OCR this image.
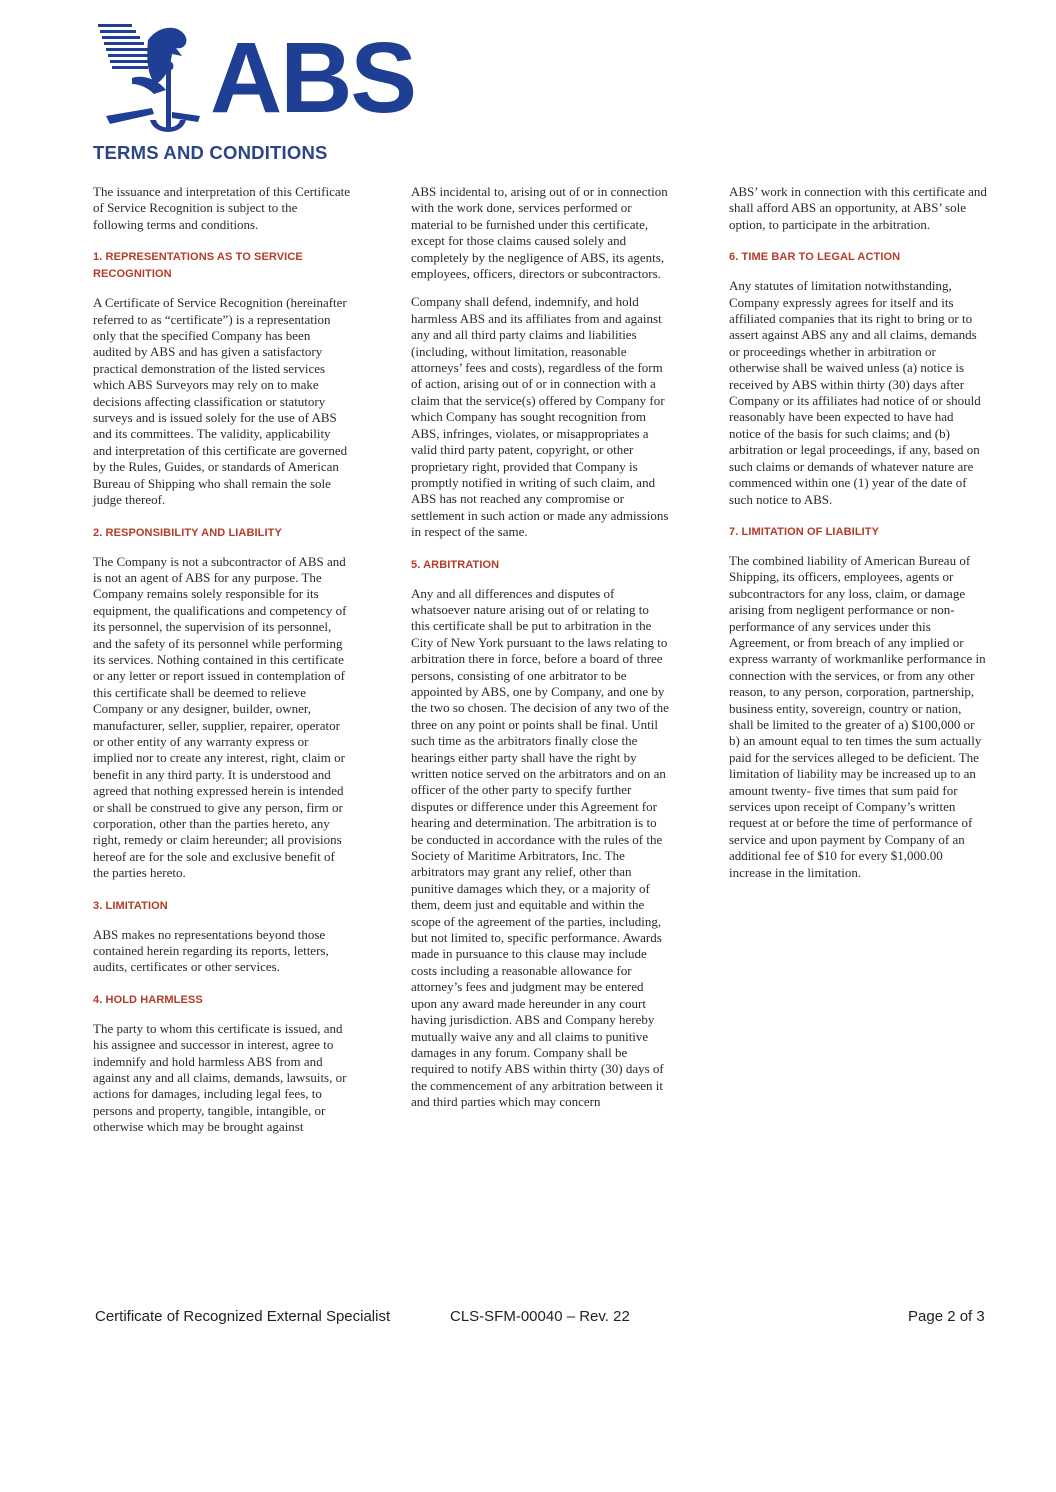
ABS
TERMS AND CONDITIONS

The issuance and interpretation of this Certificate of Service Recognition is subject to the following terms and conditions.

1. REPRESENTATIONS AS TO SERVICE RECOGNITION

A Certificate of Service Recognition (hereinafter referred to as “certificate”) is a representation only that the specified Company has been audited by ABS and has given a satisfactory practical demonstration of the listed services which ABS Surveyors may rely on to make decisions affecting classification or statutory surveys and is issued solely for the use of ABS and its committees. The validity, applicability and interpretation of this certificate are governed by the Rules, Guides, or standards of American Bureau of Shipping who shall remain the sole judge thereof.

2. RESPONSIBILITY AND LIABILITY

The Company is not a subcontractor of ABS and is not an agent of ABS for any purpose. The Company remains solely responsible for its equipment, the qualifications and competency of its personnel, the supervision of its personnel, and the safety of its personnel while performing its services. Nothing contained in this certificate or any letter or report issued in contemplation of this certificate shall be deemed to relieve Company or any designer, builder, owner, manufacturer, seller, supplier, repairer, operator or other entity of any warranty express or implied nor to create any interest, right, claim or benefit in any third party. It is understood and agreed that nothing expressed herein is intended or shall be construed to give any person, firm or corporation, other than the parties hereto, any right, remedy or claim hereunder; all provisions hereof are for the sole and exclusive benefit of the parties hereto.

3. LIMITATION

ABS makes no representations beyond those contained herein regarding its reports, letters, audits, certificates or other services.

4. HOLD HARMLESS

The party to whom this certificate is issued, and his assignee and successor in interest, agree to indemnify and hold harmless ABS from and against any and all claims, demands, lawsuits, or actions for damages, including legal fees, to persons and property, tangible, intangible, or otherwise which may be brought against

ABS incidental to, arising out of or in connection with the work done, services performed or material to be furnished under this certificate, except for those claims caused solely and completely by the negligence of ABS, its agents, employees, officers, directors or subcontractors.

Company shall defend, indemnify, and hold harmless ABS and its affiliates from and against any and all third party claims and liabilities (including, without limitation, reasonable attorneys’ fees and costs), regardless of the form of action, arising out of or in connection with a claim that the service(s) offered by Company for which Company has sought recognition from ABS, infringes, violates, or misappropriates a valid third party patent, copyright, or other proprietary right, provided that Company is promptly notified in writing of such claim, and ABS has not reached any compromise or settlement in such action or made any admissions in respect of the same.

5. ARBITRATION

Any and all differences and disputes of whatsoever nature arising out of or relating to this certificate shall be put to arbitration in the City of New York pursuant to the laws relating to arbitration there in force, before a board of three persons, consisting of one arbitrator to be appointed by ABS, one by Company, and one by the two so chosen. The decision of any two of the three on any point or points shall be final. Until such time as the arbitrators finally close the hearings either party shall have the right by written notice served on the arbitrators and on an officer of the other party to specify further disputes or difference under this Agreement for hearing and determination. The arbitration is to be conducted in accordance with the rules of the Society of Maritime Arbitrators, Inc. The arbitrators may grant any relief, other than punitive damages which they, or a majority of them, deem just and equitable and within the scope of the agreement of the parties, including, but not limited to, specific performance. Awards made in pursuance to this clause may include costs including a reasonable allowance for attorney’s fees and judgment may be entered upon any award made hereunder in any court having jurisdiction. ABS and Company hereby mutually waive any and all claims to punitive damages in any forum. Company shall be required to notify ABS within thirty (30) days of the commencement of any arbitration between it and third parties which may concern

ABS’ work in connection with this certificate and shall afford ABS an opportunity, at ABS’ sole option, to participate in the arbitration.

6. TIME BAR TO LEGAL ACTION

Any statutes of limitation notwithstanding, Company expressly agrees for itself and its affiliated companies that its right to bring or to assert against ABS any and all claims, demands or proceedings whether in arbitration or otherwise shall be waived unless (a) notice is received by ABS within thirty (30) days after Company or its affiliates had notice of or should reasonably have been expected to have had notice of the basis for such claims; and (b) arbitration or legal proceedings, if any, based on such claims or demands of whatever nature are commenced within one (1) year of the date of such notice to ABS.

7. LIMITATION OF LIABILITY

The combined liability of American Bureau of Shipping, its officers, employees, agents or subcontractors for any loss, claim, or damage arising from negligent performance or non-performance of any services under this Agreement, or from breach of any implied or express warranty of workmanlike performance in connection with the services, or from any other reason, to any person, corporation, partnership, business entity, sovereign, country or nation, shall be limited to the greater of a) $100,000 or b) an amount equal to ten times the sum actually paid for the services alleged to be deficient. The limitation of liability may be increased up to an amount twenty- five times that sum paid for services upon receipt of Company’s written request at or before the time of performance of service and upon payment by Company of an additional fee of $10 for every $1,000.00 increase in the limitation.

Certificate of Recognized External Specialist	CLS-SFM-00040 – Rev. 22	Page 2 of 3
